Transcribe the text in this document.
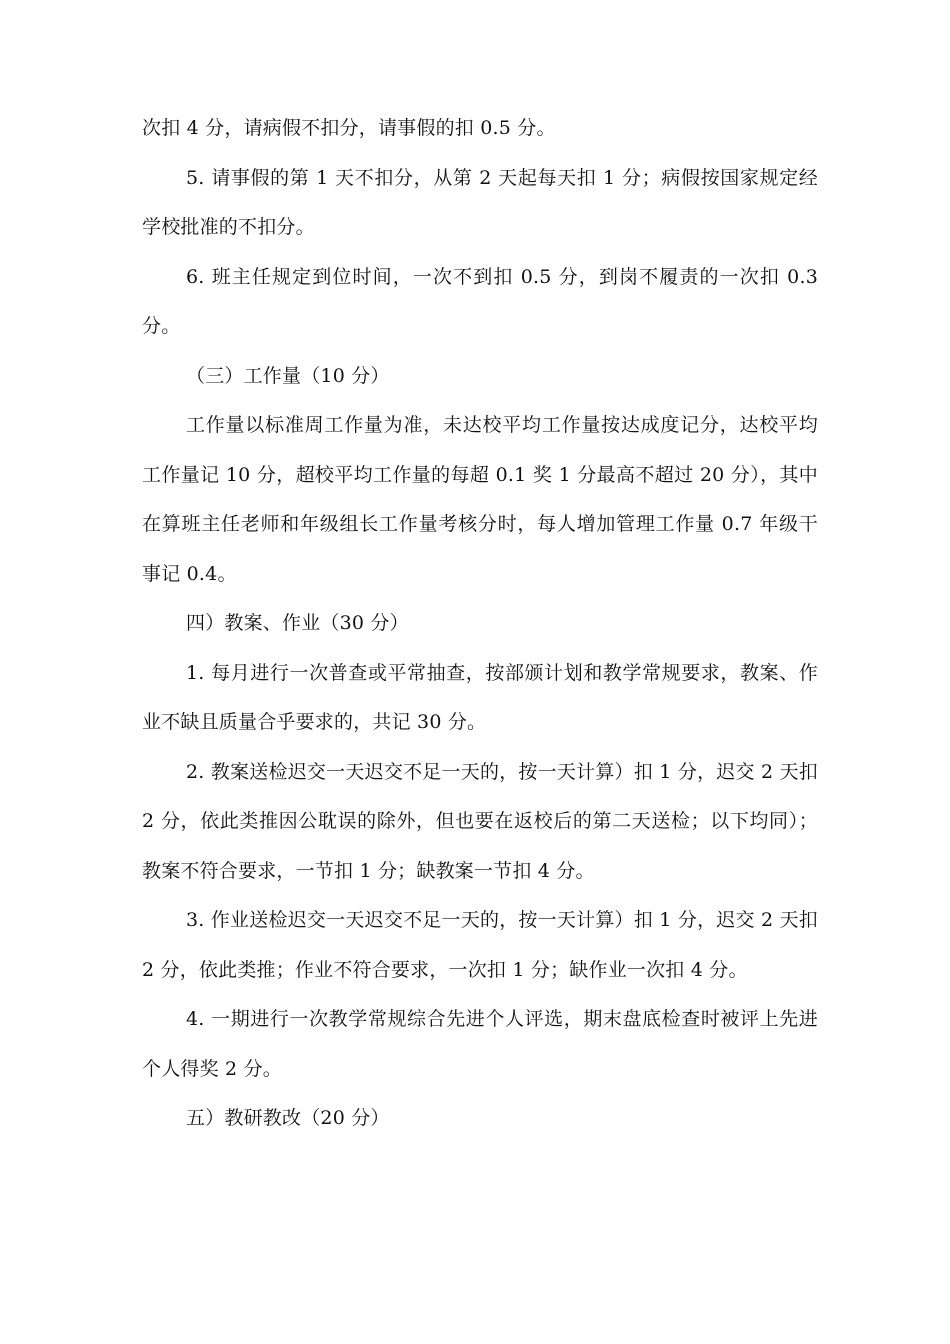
次扣 4 分，请病假不扣分，请事假的扣 0.5 分。

5. 请事假的第 1 天不扣分，从第 2 天起每天扣 1 分；病假按国家规定经学校批准的不扣分。

6. 班主任规定到位时间，一次不到扣 0.5 分，到岗不履责的一次扣 0.3 分。

（三）工作量（10 分）

工作量以标准周工作量为准，未达校平均工作量按达成度记分，达校平均工作量记 10 分，超校平均工作量的每超 0.1 奖 1 分最高不超过 20 分），其中在算班主任老师和年级组长工作量考核分时，每人增加管理工作量 0.7 年级干事记 0.4。

四）教案、作业（30 分）

1. 每月进行一次普查或平常抽查，按部颁计划和教学常规要求，教案、作业不缺且质量合乎要求的，共记 30 分。

2. 教案送检迟交一天迟交不足一天的，按一天计算）扣 1 分，迟交 2 天扣 2 分，依此类推因公耽误的除外，但也要在返校后的第二天送检；以下均同）；教案不符合要求，一节扣 1 分；缺教案一节扣 4 分。

3. 作业送检迟交一天迟交不足一天的，按一天计算）扣 1 分，迟交 2 天扣 2 分，依此类推；作业不符合要求，一次扣 1 分；缺作业一次扣 4 分。

4. 一期进行一次教学常规综合先进个人评选，期末盘底检查时被评上先进个人得奖 2 分。

五）教研教改（20 分）
